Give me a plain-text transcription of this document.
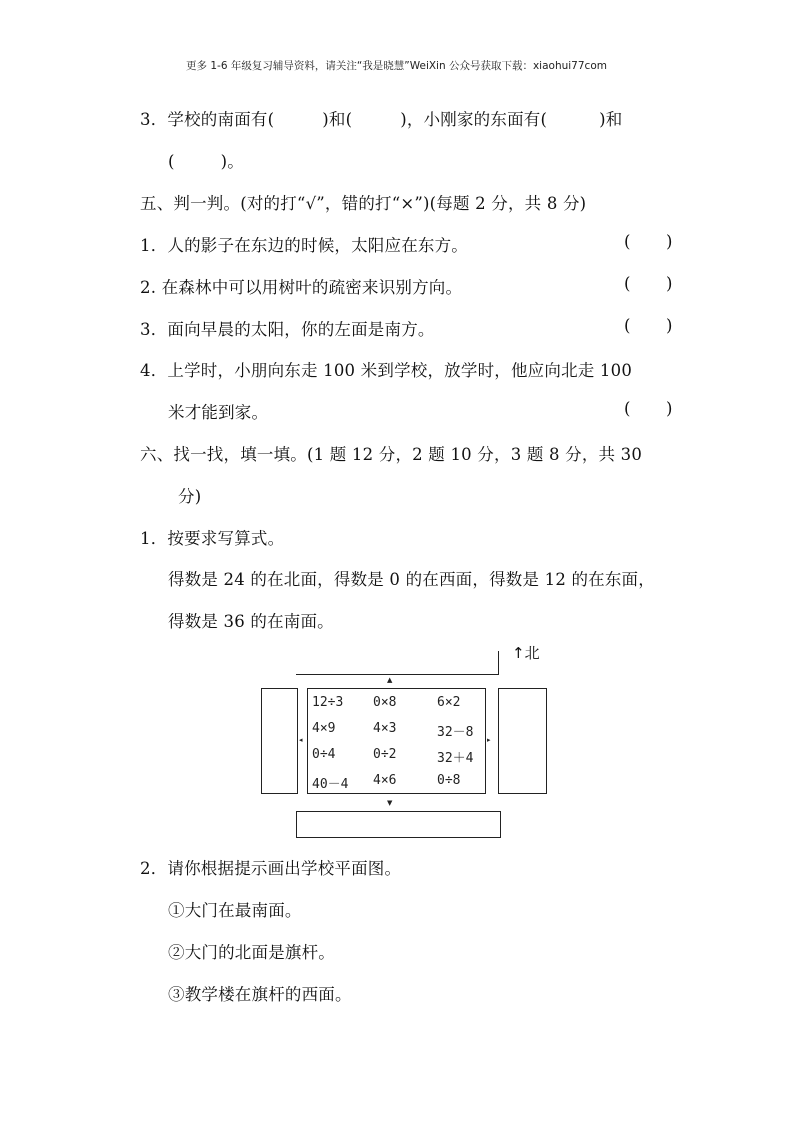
更多 1-6 年级复习辅导资料，请关注“我是晓慧”WeiXin 公众号获取下载：xiaohui77com
3．学校的南面有(	)和(	)，小刚家的东面有(	)和
(	)。
五、判一判。(对的打“√”，错的打“×”)(每题 2 分，共 8 分)
1．人的影子在东边的时候，太阳应在东方。	( )
2. 在森林中可以用树叶的疏密来识别方向。	( )
3．面向早晨的太阳，你的左面是南方。	( )
4．上学时，小朋向东走 100 米到学校，放学时，他应向北走 100
米才能到家。	( )
六、找一找，填一填。(1 题 12 分，2 题 10 分，3 题 8 分，共 30
分)
1．按要求写算式。
得数是 24 的在北面，得数是 0 的在西面，得数是 12 的在东面，
得数是 36 的在南面。
▲
↑北
◂
12÷3 0×8	6×2
4×9	4×3	32－8
0÷4	0÷2	32＋4
40－4 4×6	0÷8
▸
▼
2．请你根据提示画出学校平面图。
①大门在最南面。
②大门的北面是旗杆。
③教学楼在旗杆的西面。
